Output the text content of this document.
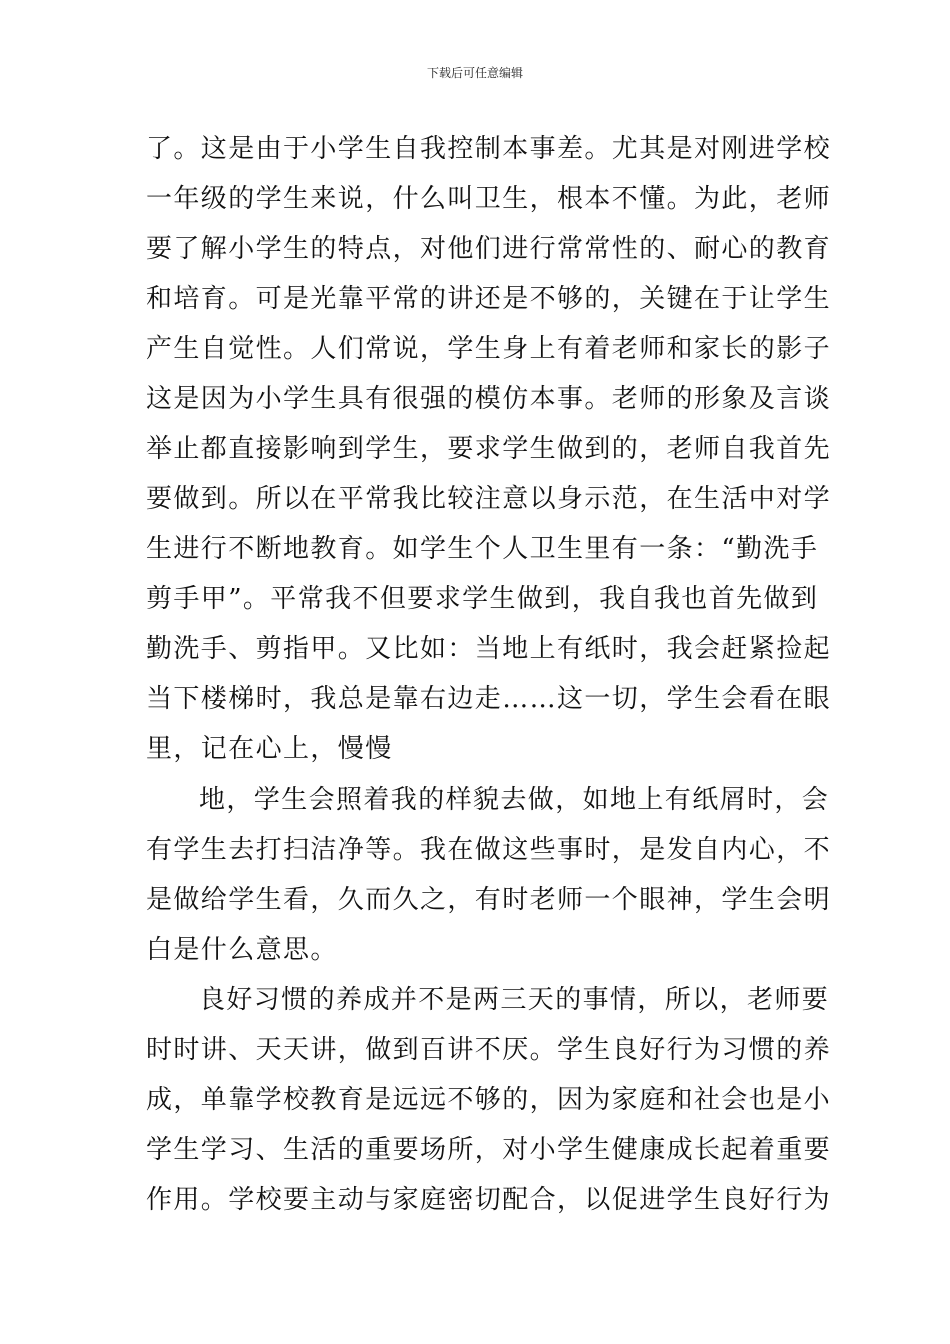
下载后可任意编辑
了。这是由于小学生自我控制本事差。尤其是对刚进学校
一年级的学生来说，什么叫卫生，根本不懂。为此，老师
要了解小学生的特点，对他们进行常常性的、耐心的教育
和培育。可是光靠平常的讲还是不够的，关键在于让学生
产生自觉性。人们常说，学生身上有着老师和家长的影子
这是因为小学生具有很强的模仿本事。老师的形象及言谈
举止都直接影响到学生，要求学生做到的，老师自我首先
要做到。所以在平常我比较注意以身示范，在生活中对学
生进行不断地教育。如学生个人卫生里有一条：“勤洗手
剪手甲”。平常我不但要求学生做到，我自我也首先做到
勤洗手、剪指甲。又比如：当地上有纸时，我会赶紧捡起
当下楼梯时，我总是靠右边走……这一切，学生会看在眼
里，记在心上，慢慢
地，学生会照着我的样貌去做，如地上有纸屑时，会
有学生去打扫洁净等。我在做这些事时，是发自内心，不
是做给学生看，久而久之，有时老师一个眼神，学生会明
白是什么意思。
良好习惯的养成并不是两三天的事情，所以，老师要
时时讲、天天讲，做到百讲不厌。学生良好行为习惯的养
成，单靠学校教育是远远不够的，因为家庭和社会也是小
学生学习、生活的重要场所，对小学生健康成长起着重要
作用。学校要主动与家庭密切配合，以促进学生良好行为
